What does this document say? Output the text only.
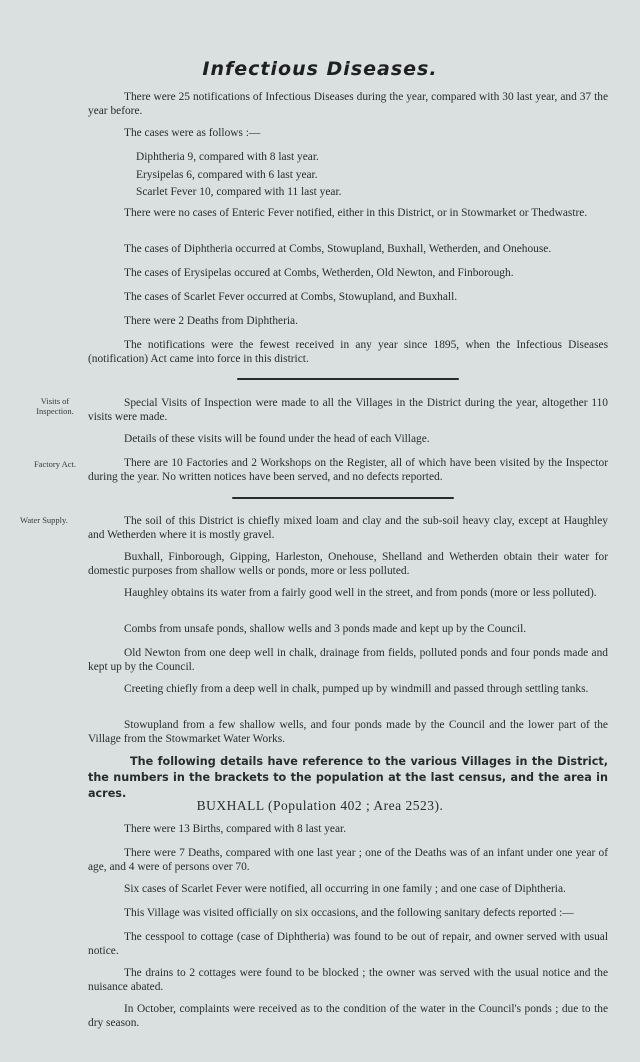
Infectious Diseases.

There were 25 notifications of Infectious Diseases during the year, compared with 30 last year, and 37 the year before.

The cases were as follows :—

Diphtheria 9, compared with 8 last year.
Erysipelas 6, compared with 6 last year.
Scarlet Fever 10, compared with 11 last year.

There were no cases of Enteric Fever notified, either in this District, or in Stowmarket or Thedwastre.

The cases of Diphtheria occurred at Combs, Stowupland, Buxhall, Wetherden, and Onehouse.

The cases of Erysipelas occured at Combs, Wetherden, Old Newton, and Finborough.

The cases of Scarlet Fever occurred at Combs, Stowupland, and Buxhall.

There were 2 Deaths from Diphtheria.

The notifications were the fewest received in any year since 1895, when the Infectious Diseases (notification) Act came into force in this district.

Visits of Inspection.

Special Visits of Inspection were made to all the Villages in the District during the year, altogether 110 visits were made.

Details of these visits will be found under the head of each Village.

Factory Act.	There are 10 Factories and 2 Workshops on the Register, all of which have been visited by the Inspector during the year. No written notices have been served, and no defects reported.

Water Supply.	The soil of this District is chiefly mixed loam and clay and the sub-soil heavy clay, except at Haughley and Wetherden where it is mostly gravel.

Buxhall, Finborough, Gipping, Harleston, Onehouse, Shelland and Wetherden obtain their water for domestic purposes from shallow wells or ponds, more or less polluted.

Haughley obtains its water from a fairly good well in the street, and from ponds (more or less polluted).

Combs from unsafe ponds, shallow wells and 3 ponds made and kept up by the Council.

Old Newton from one deep well in chalk, drainage from fields, polluted ponds and four ponds made and kept up by the Council.

Creeting chiefly from a deep well in chalk, pumped up by windmill and passed through settling tanks.

Stowupland from a few shallow wells, and four ponds made by the Council and the lower part of the Village from the Stowmarket Water Works.

The following details have reference to the various Villages in the District, the numbers in the brackets to the population at the last census, and the area in acres.

BUXHALL (Population 402 ; Area 2523).

There were 13 Births, compared with 8 last year.

There were 7 Deaths, compared with one last year ; one of the Deaths was of an infant under one year of age, and 4 were of persons over 70.

Six cases of Scarlet Fever were notified, all occurring in one family ; and one case of Diphtheria.

This Village was visited officially on six occasions, and the following sanitary defects reported :—

The cesspool to cottage (case of Diphtheria) was found to be out of repair, and owner served with usual notice.

The drains to 2 cottages were found to be blocked ; the owner was served with the usual notice and the nuisance abated.

In October, complaints were received as to the condition of the water in the Council's ponds ; due to the dry season.
